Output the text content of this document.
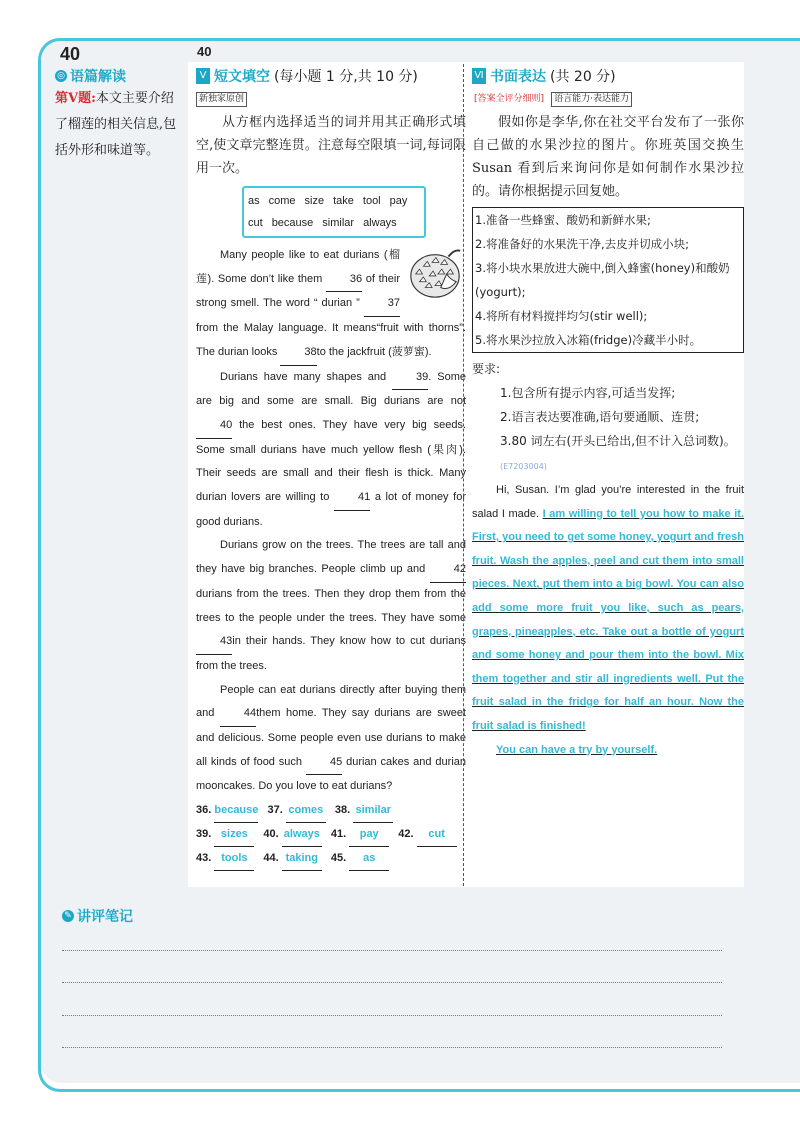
40	40
◎ 语篇解读
第Ⅴ题:本文主要介绍了榴莲的相关信息,包括外形和味道等。
Ⅴ 短文填空 (每小题 1 分,共 10 分)
新独家原创

从方框内选择适当的词并用其正确形式填空,使文章完整连贯。注意每空限填一词,每词限用一次。

as come size take tool pay
cut because similar always

Many people like to eat durians (榴莲). Some don’t like them	36 of their strong smell. The word “ durian ”	37 from the Malay language. It means“fruit with thorns”. The durian looks 38to the jackfruit (菠萝蜜).

Durians have many shapes and	39. Some are big and some are small. Big durians are not 40 the best ones. They have very big seeds. Some small durians have much yellow flesh (果肉). Their seeds are small and their flesh is thick. Many durian lovers are willing to	41 a lot of money for good durians.

Durians grow on the trees. The trees are tall and they have big branches. People climb up and	42 durians from the trees. Then they drop them from the trees to the people under the trees. They have some 43in their hands. They know how to cut durians from the trees.

People can eat durians directly after buying them and	44them home. They say durians are sweet and delicious. Some people even use durians to make all kinds of food such	45 durian cakes and durian mooncakes. Do you love to eat durians?

36. because 37. comes 38. similar
39. sizes 40. always 41. pay 42. cut
43. tools 44. taking 45. as
Ⅵ 书面表达 (共 20 分)
[答案全评分细则] 语言能力·表达能力

假如你是李华,你在社交平台发布了一张你自己做的水果沙拉的图片。你班英国交换生Susan 看到后来询问你是如何制作水果沙拉的。请你根据提示回复她。

1.准备一些蜂蜜、酸奶和新鲜水果;
2.将准备好的水果洗干净,去皮并切成小块;
3.将小块水果放进大碗中,倒入蜂蜜(honey)和酸奶(yogurt);
4.将所有材料搅拌均匀(stir well);
5.将水果沙拉放入冰箱(fridge)冷藏半小时。
要求:
1.包含所有提示内容,可适当发挥;
2.语言表达要准确,语句要通顺、连贯;
3.80 词左右(开头已给出,但不计入总词数)。(E7203004)

Hi, Susan. I’m glad you’re interested in the fruit salad I made. I am willing to tell you how to make it. First, you need to get some honey, yogurt and fresh fruit. Wash the apples, peel and cut them into small pieces. Next, put them into a big bowl. You can also add some more fruit you like, such as pears, grapes, pineapples, etc. Take out a bottle of yogurt and some honey and pour them into the bowl. Mix them together and stir all ingredients well. Put the fruit salad in the fridge for half an hour. Now the fruit salad is finished!

You can have a try by yourself.

✎ 讲评笔记
